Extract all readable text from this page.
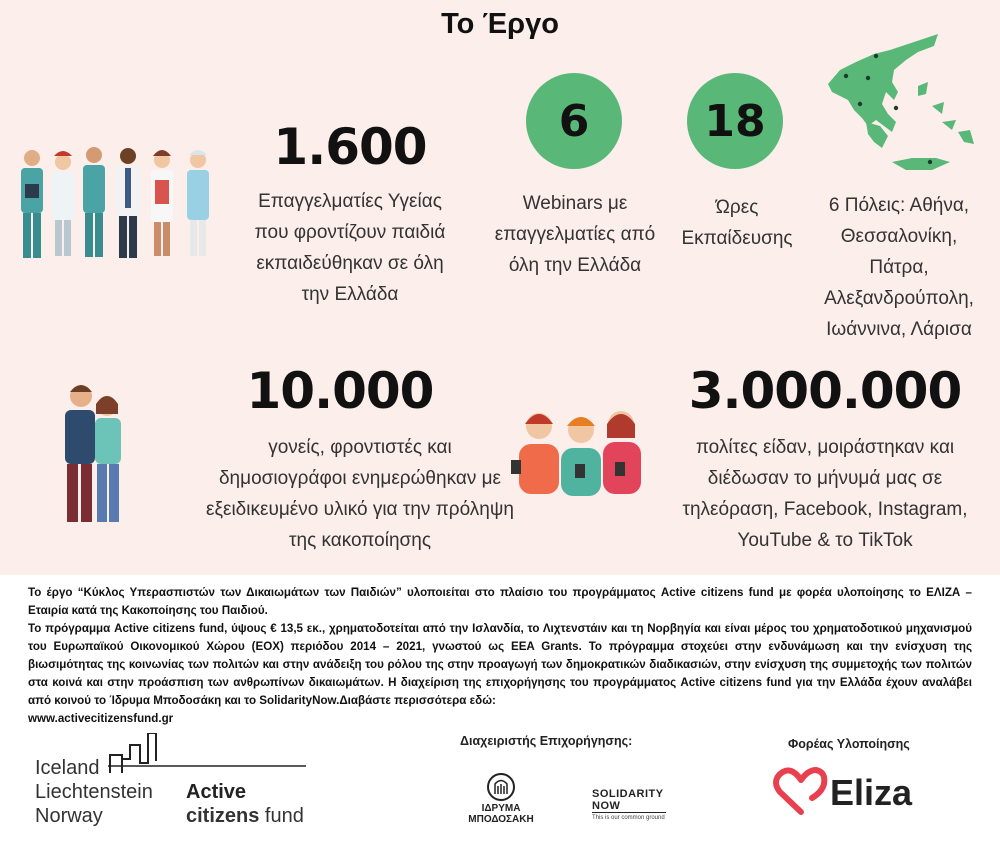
Το Έργο
1.600
Επαγγελματίες Υγείας
που φροντίζουν παιδιά
εκπαιδεύθηκαν σε όλη
την Ελλάδα
6
Webinars με
επαγγελματίες από
όλη την Ελλάδα
18
Ώρες
Εκπαίδευσης
6 Πόλεις: Αθήνα,
Θεσσαλονίκη,
Πάτρα,
Αλεξανδρούπολη,
Ιωάννινα, Λάρισα
10.000
γονείς, φροντιστές και
δημοσιογράφοι ενημερώθηκαν με
εξειδικευμένο υλικό για την πρόληψη
της κακοποίησης
3.000.000
πολίτες είδαν, μοιράστηκαν και
διέδωσαν το μήνυμά μας σε
τηλεόραση, Facebook, Instagram,
YouTube & το TikTok

Το έργο “Κύκλος Υπερασπιστών των Δικαιωμάτων των Παιδιών” υλοποιείται στο πλαίσιο του προγράμματος Active citizens fund με φορέα υλοποίησης το ΕΛΙΖΑ – Εταιρία κατά της Κακοποίησης του Παιδιού.

Το πρόγραμμα Active citizens fund, ύψους € 13,5 εκ., χρηματοδοτείται από την Ισλανδία, το Λιχτενστάιν και τη Νορβηγία και είναι μέρος του χρηματοδοτικού μηχανισμού του Ευρωπαϊκού Οικονομικού Χώρου (ΕΟΧ) περιόδου 2014 – 2021, γνωστού ως EEA Grants. Το πρόγραμμα στοχεύει στην ενδυνάμωση και την ενίσχυση της βιωσιμότητας της κοινωνίας των πολιτών και στην ανάδειξη του ρόλου της στην προαγωγή των δημοκρατικών διαδικασιών, στην ενίσχυση της συμμετοχής των πολιτών στα κοινά και στην προάσπιση των ανθρωπίνων δικαιωμάτων. Η διαχείριση της επιχορήγησης του προγράμματος Active citizens fund για την Ελλάδα έχουν αναλάβει από κοινού το Ίδρυμα Μποδοσάκη και το SolidarityNow.Διαβάστε περισσότερα εδώ:

www.activecitizensfund.gr

Iceland
Liechtenstein
Norway
Active
citizens fund
Διαχειριστής Επιχορήγησης:
ΙΔΡΥΜΑ
ΜΠΟΔΟΣΑΚΗ
SOLIDARITY
NOW
This is our common ground
Φορέας Υλοποίησης
Eliza
